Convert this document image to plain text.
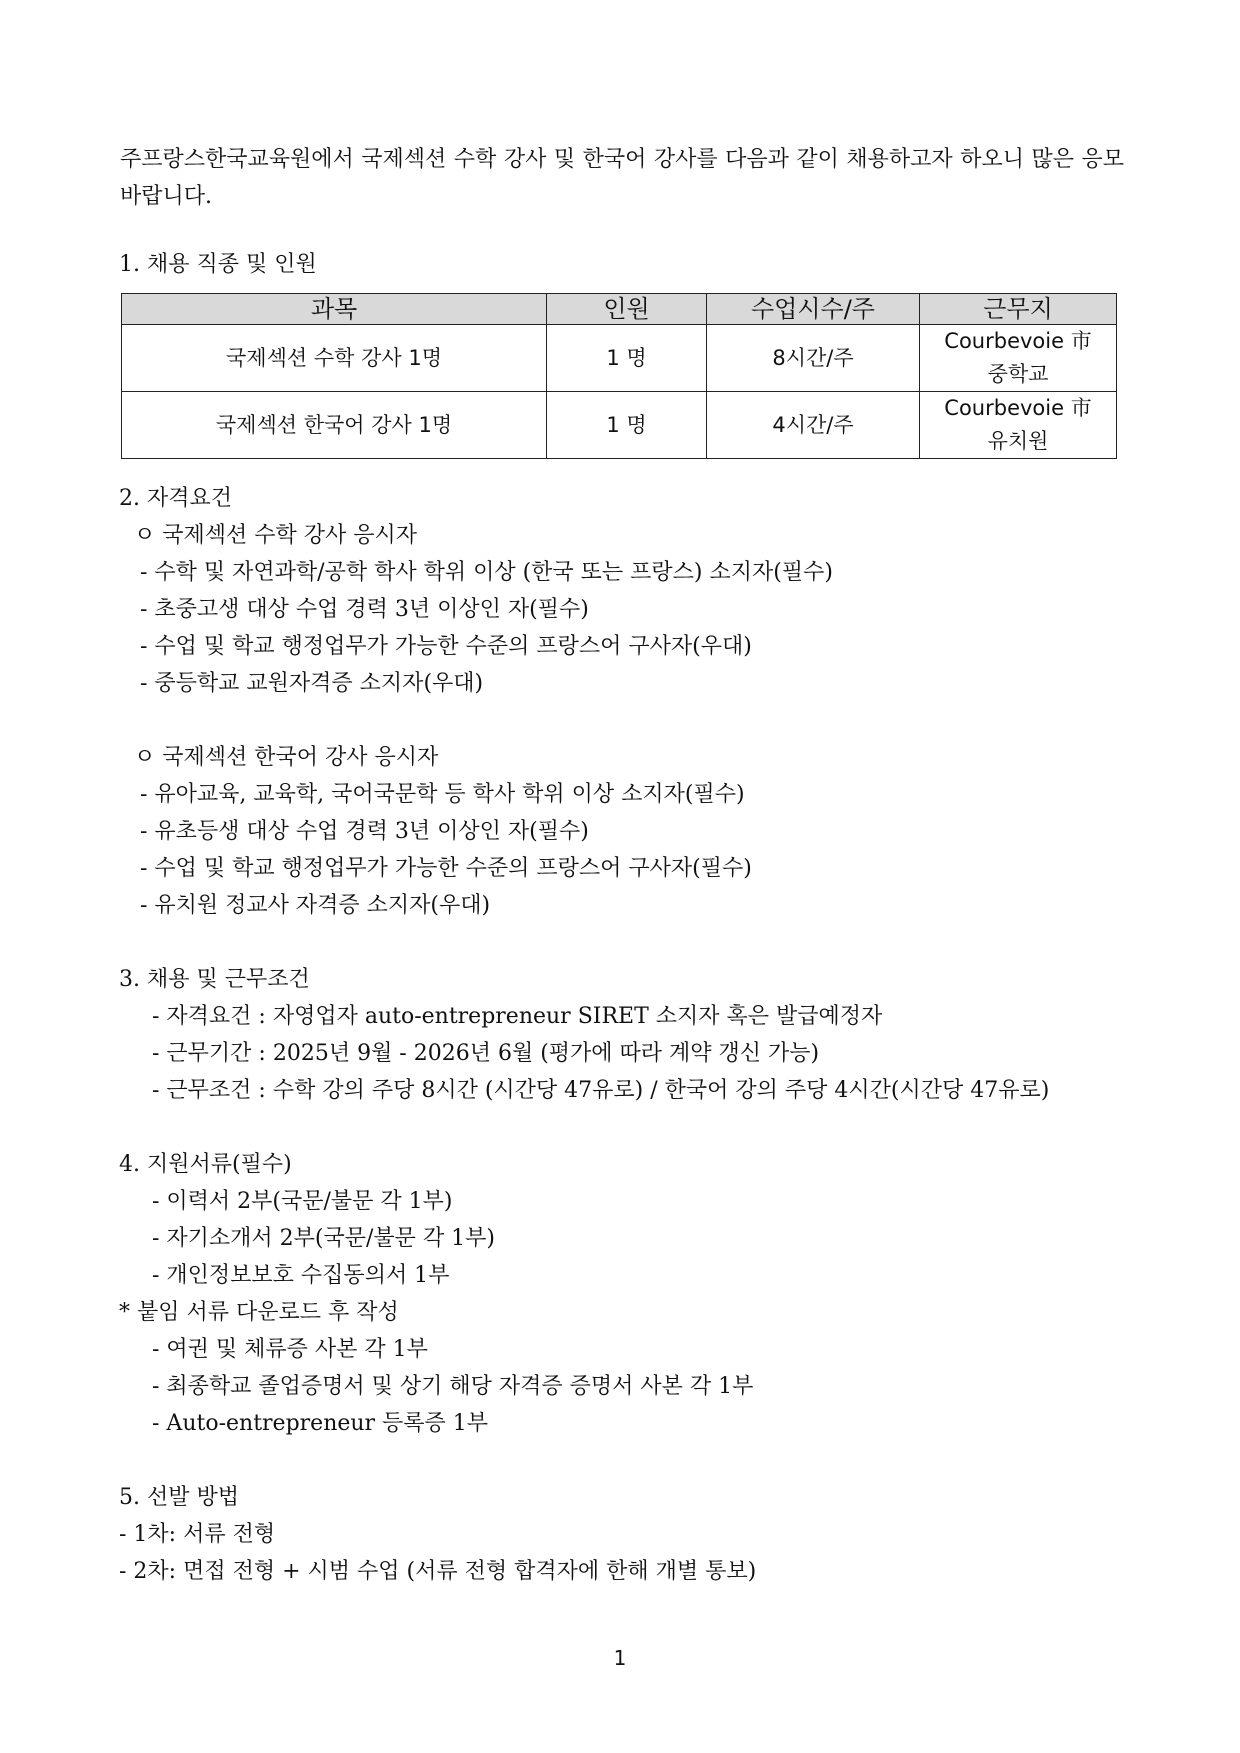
주프랑스한국교육원에서 국제섹션 수학 강사 및 한국어 강사를 다음과 같이 채용하고자 하오니 많은 응모 바랍니다.

1. 채용 직종 및 인원
과목	인원	수업시수/주	근무지
국제섹션 수학 강사 1명	1 명	8시간/주	Courbevoie 市
중학교

국제섹션 한국어 강사 1명	1 명	4시간/주	Courbevoie 市
유치원
2. 자격요건
ㅇ 국제섹션 수학 강사 응시자
- 수학 및 자연과학/공학 학사 학위 이상 (한국 또는 프랑스) 소지자(필수)
- 초중고생 대상 수업 경력 3년 이상인 자(필수)
- 수업 및 학교 행정업무가 가능한 수준의 프랑스어 구사자(우대)
- 중등학교 교원자격증 소지자(우대)
ㅇ 국제섹션 한국어 강사 응시자
- 유아교육, 교육학, 국어국문학 등 학사 학위 이상 소지자(필수)
- 유초등생 대상 수업 경력 3년 이상인 자(필수)
- 수업 및 학교 행정업무가 가능한 수준의 프랑스어 구사자(필수)
- 유치원 정교사 자격증 소지자(우대)
3. 채용 및 근무조건
- 자격요건 : 자영업자 auto-entrepreneur SIRET 소지자 혹은 발급예정자
- 근무기간 : 2025년 9월 - 2026년 6월 (평가에 따라 계약 갱신 가능)
- 근무조건 : 수학 강의 주당 8시간 (시간당 47유로) / 한국어 강의 주당 4시간(시간당 47유로)
4. 지원서류(필수)
- 이력서 2부(국문/불문 각 1부)
- 자기소개서 2부(국문/불문 각 1부)
- 개인정보보호 수집동의서 1부
* 붙임 서류 다운로드 후 작성
- 여권 및 체류증 사본 각 1부
- 최종학교 졸업증명서 및 상기 해당 자격증 증명서 사본 각 1부
- Auto-entrepreneur 등록증 1부
5. 선발 방법
- 1차: 서류 전형
- 2차: 면접 전형 + 시범 수업 (서류 전형 합격자에 한해 개별 통보)
1
